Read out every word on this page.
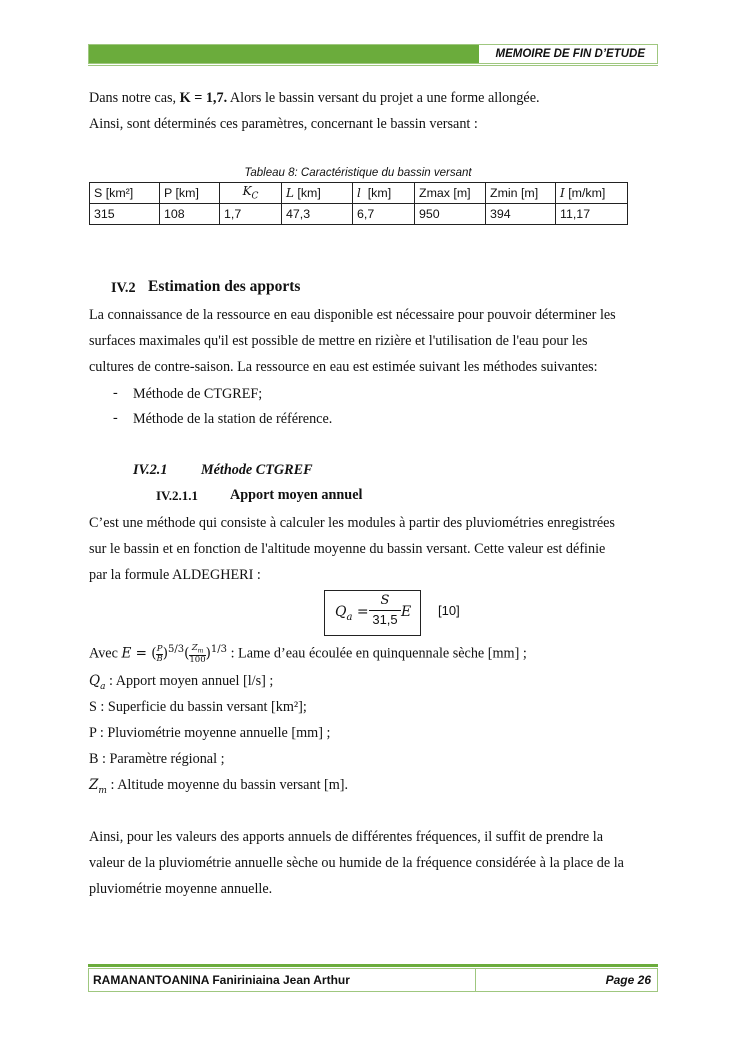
MEMOIRE DE FIN D’ETUDE
Dans notre cas, K = 1,7. Alors le bassin versant du projet a une forme allongée.
Ainsi, sont déterminés ces paramètres, concernant le bassin versant :
Tableau 8: Caractéristique du bassin versant
S [km²]	P [km]	$K_C$	L [km]	l  [km]	Zmax [m]	Zmin [m]	I [m/km]
315	108	1,7	47,3	6,7	950	394	11,17
IV.2 Estimation des apports
La connaissance de la ressource en eau disponible est nécessaire pour pouvoir déterminer les
surfaces maximales qu'il est possible de mettre en rizière et l'utilisation de l'eau pour les
cultures de contre-saison. La ressource en eau est estimée suivant les méthodes suivantes:
- Méthode de CTGREF;
- Méthode de la station de référence.
IV.2.1 Méthode CTGREF
IV.2.1.1 Apport moyen annuel
C’est une méthode qui consiste à calculer les modules à partir des pluviométries enregistrées
sur le bassin et en fonction de l'altitude moyenne du bassin versant. Cette valeur est définie
par la formule ALDEGHERI :
$Q_a$ =
S
31,5 E [10]
Avec $E = (\frac{P}{B})^{5/3}(\frac{Z_m}{100})^{1/3}$ : Lame d’eau écoulée en quinquennale sèche [mm] ;
$Q_a$ : Apport moyen annuel [l/s] ;
S : Superficie du bassin versant [km²];
P : Pluviométrie moyenne annuelle [mm] ;
B : Paramètre régional ;
$Z_m$ : Altitude moyenne du bassin versant [m].
Ainsi, pour les valeurs des apports annuels de différentes fréquences, il suffit de prendre la
valeur de la pluviométrie annuelle sèche ou humide de la fréquence considérée à la place de la
pluviométrie moyenne annuelle.
RAMANANTOANINA Faniriniaina Jean Arthur	Page 26
